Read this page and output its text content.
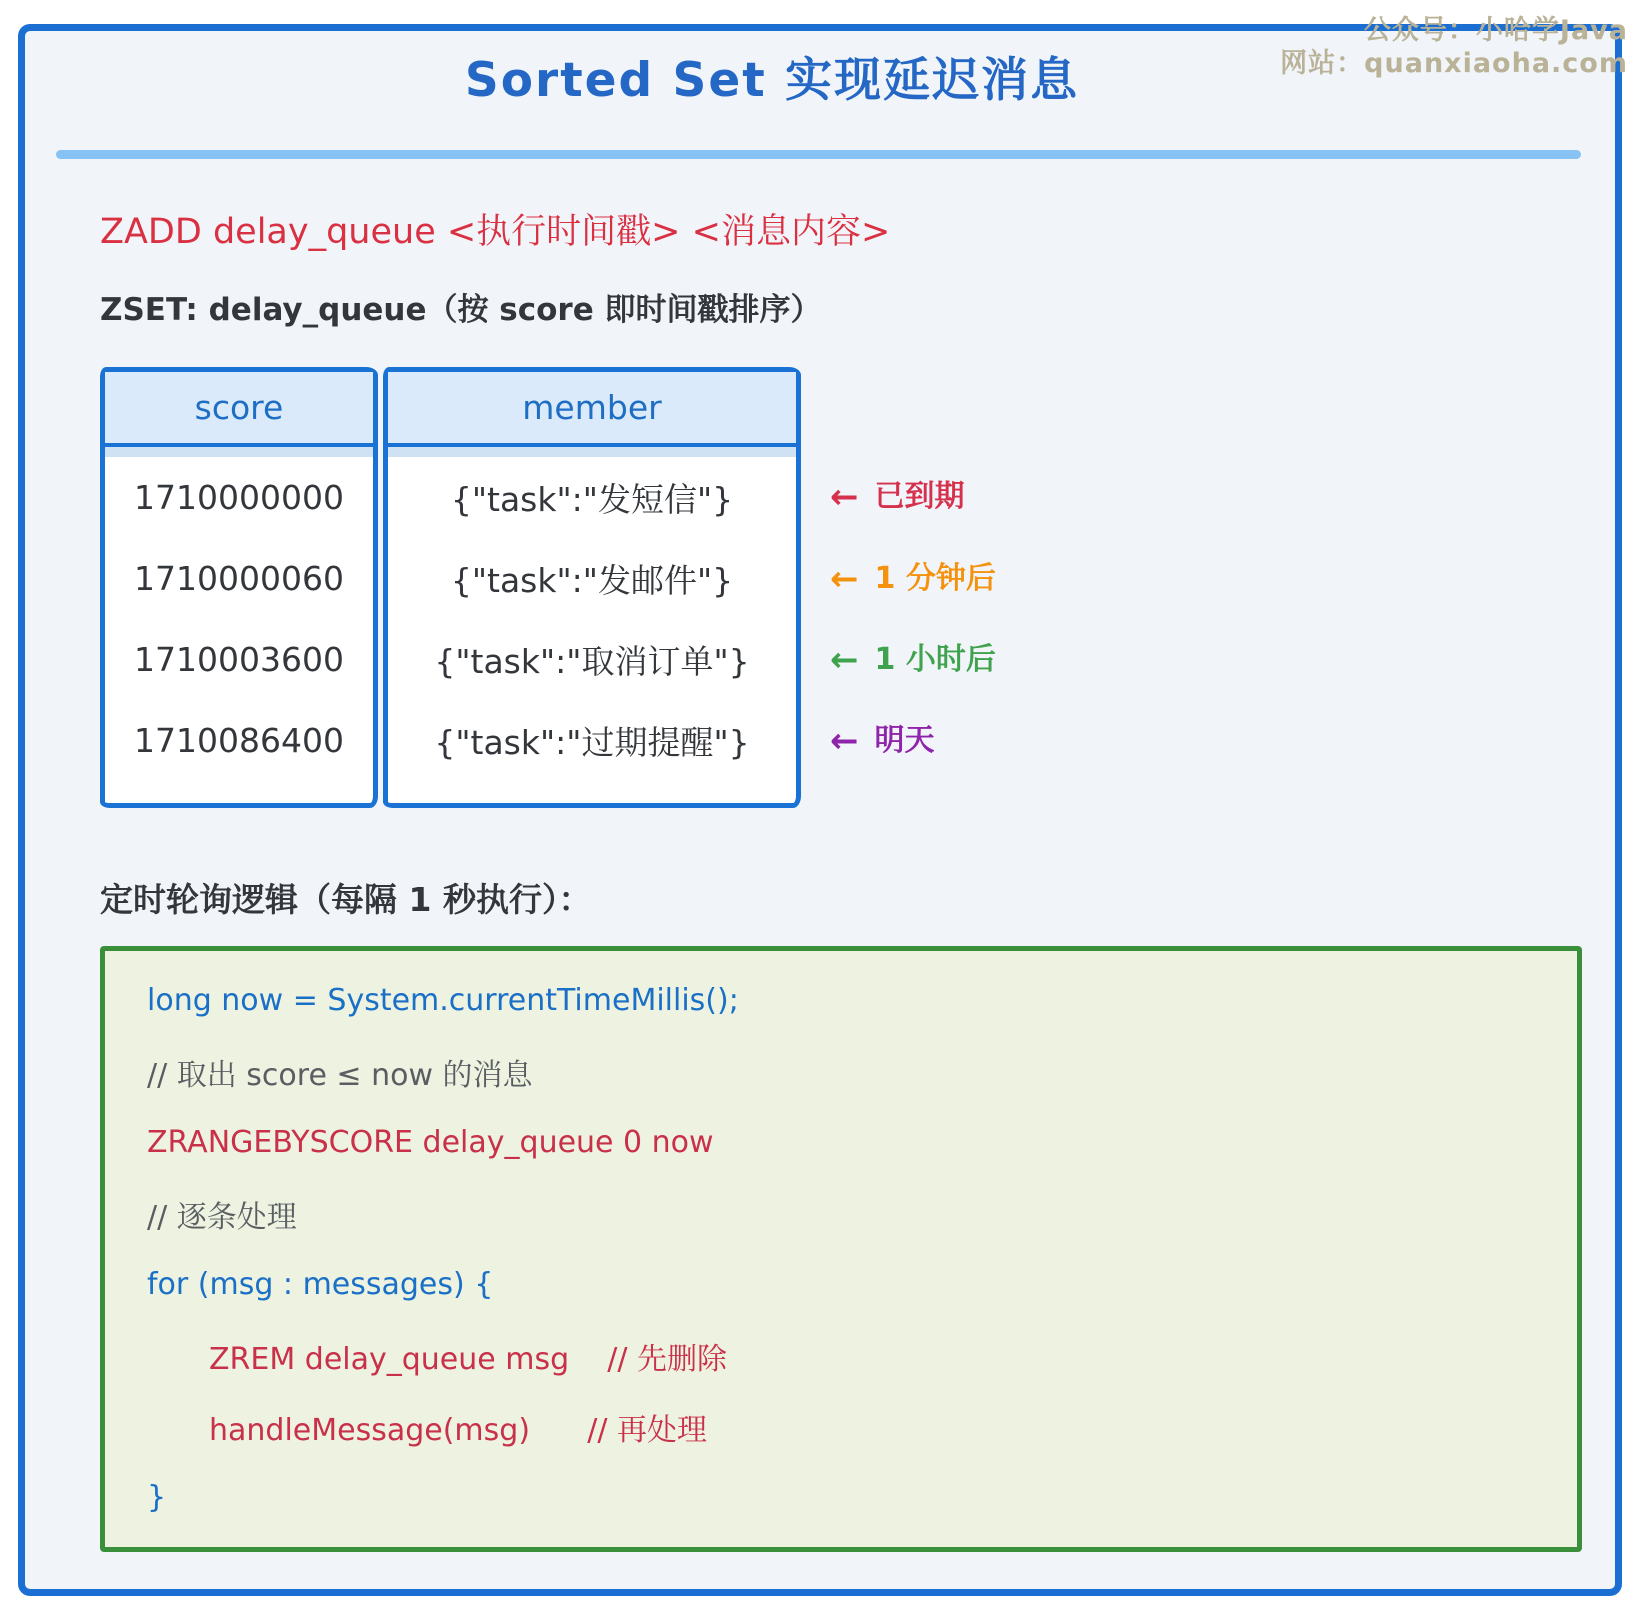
公众号：小哈学Java
网站：quanxiaoha.com
Sorted Set 实现延迟消息
ZADD delay_queue <执行时间戳> <消息内容>
ZSET: delay_queue（按 score 即时间戳排序）
score
1710000000
1710000060
1710003600
1710086400
member
{"task":"发短信"}
{"task":"发邮件"}
{"task":"取消订单"}
{"task":"过期提醒"}
← 已到期
← 1 分钟后
← 1 小时后
← 明天
定时轮询逻辑（每隔 1 秒执行）：
long now = System.currentTimeMillis();
// 取出 score ≤ now 的消息
ZRANGEBYSCORE delay_queue 0 now
// 逐条处理
for (msg : messages) {
ZREM delay_queue msg    // 先删除
handleMessage(msg)      // 再处理
}
